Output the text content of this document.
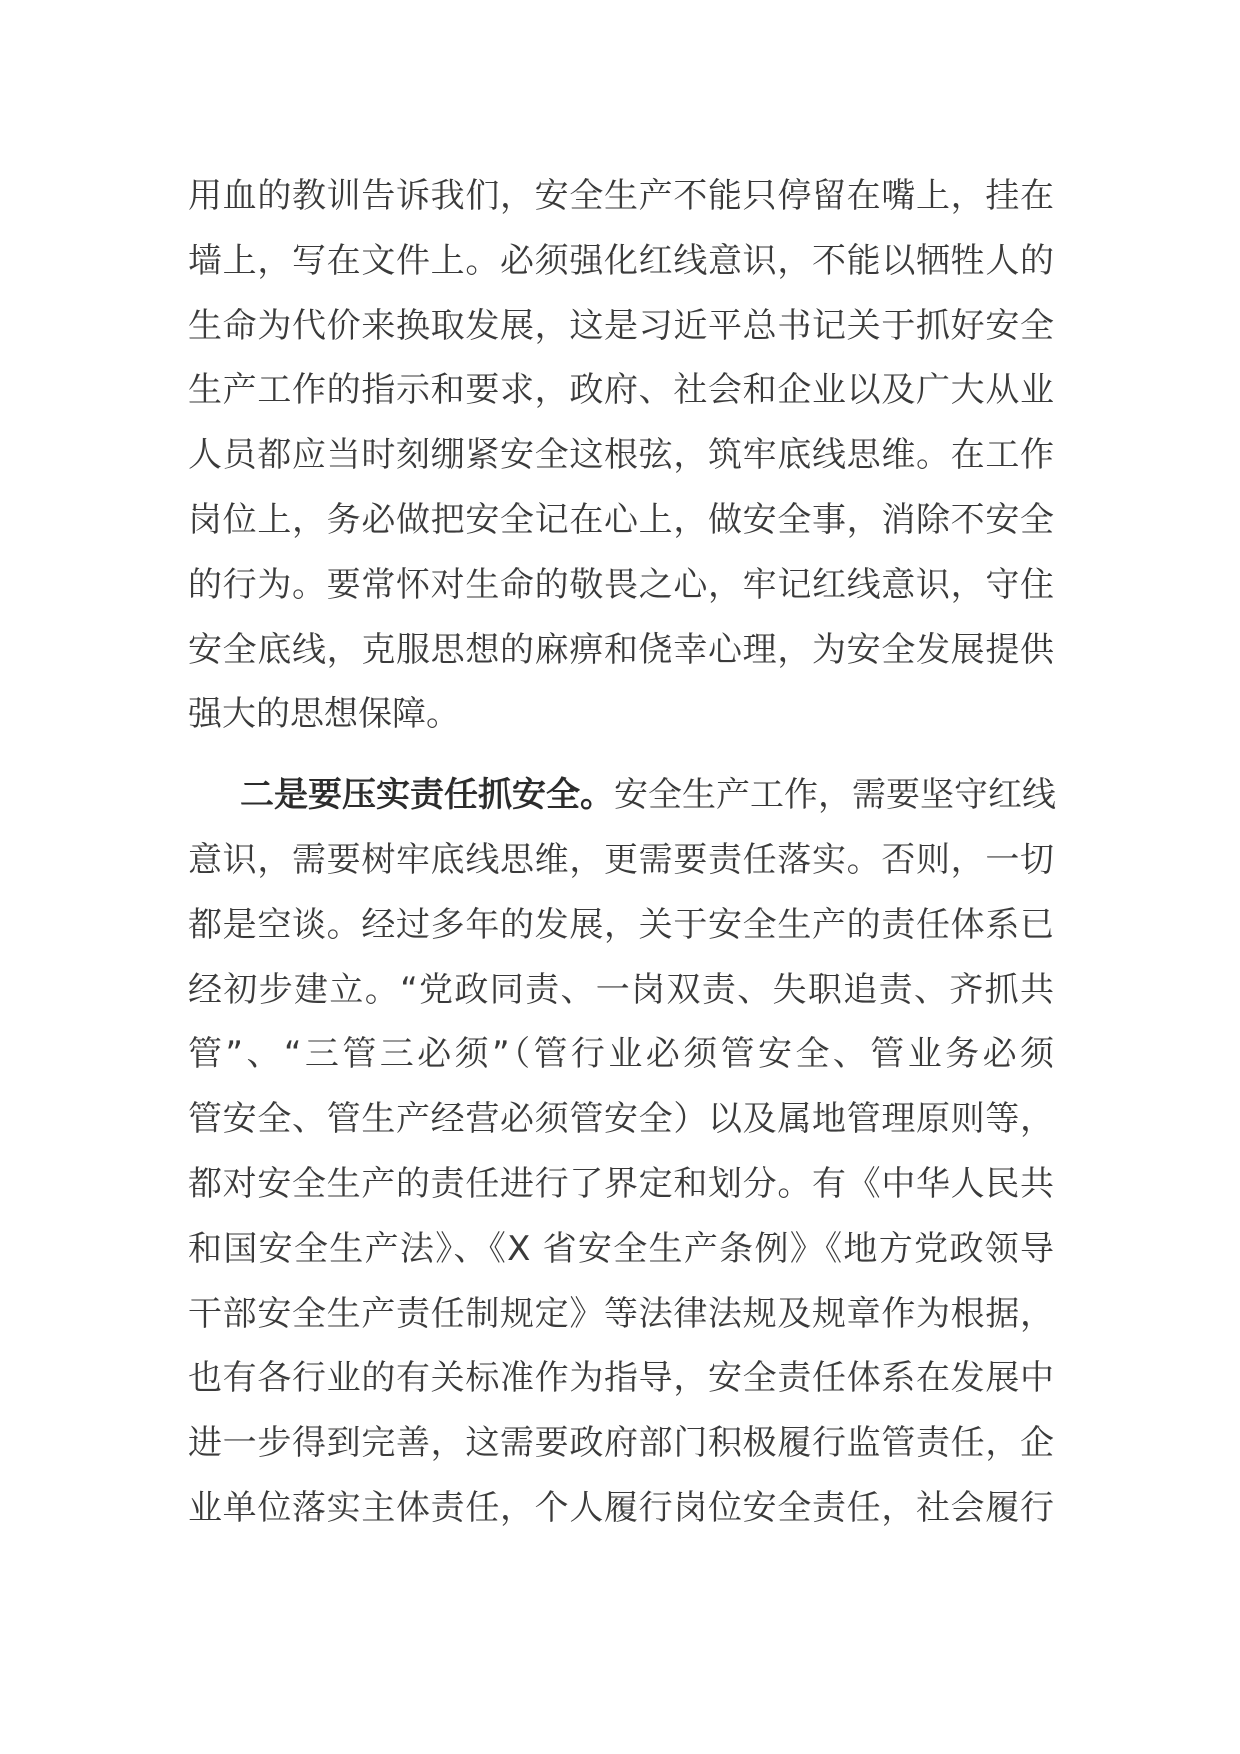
用血的教训告诉我们，安全生产不能只停留在嘴上，挂在
墙上，写在文件上。必须强化红线意识，不能以牺牲人的
生命为代价来换取发展，这是习近平总书记关于抓好安全
生产工作的指示和要求，政府、社会和企业以及广大从业
人员都应当时刻绷紧安全这根弦，筑牢底线思维。在工作
岗位上，务必做把安全记在心上，做安全事，消除不安全
的行为。要常怀对生命的敬畏之心，牢记红线意识，守住
安全底线，克服思想的麻痹和侥幸心理，为安全发展提供
强大的思想保障。
二是要压实责任抓安全。安全生产工作，需要坚守红线
意识，需要树牢底线思维，更需要责任落实。否则，一切
都是空谈。经过多年的发展，关于安全生产的责任体系已
经初步建立。“党政同责、一岗双责、失职追责、齐抓共
管”、“三管三必须”（管行业必须管安全、管业务必须
管安全、管生产经营必须管安全）以及属地管理原则等，
都对安全生产的责任进行了界定和划分。有《中华人民共
和国安全生产法》、《X 省安全生产条例》《地方党政领导
干部安全生产责任制规定》等法律法规及规章作为根据，
也有各行业的有关标准作为指导，安全责任体系在发展中
进一步得到完善，这需要政府部门积极履行监管责任，企
业单位落实主体责任，个人履行岗位安全责任，社会履行
